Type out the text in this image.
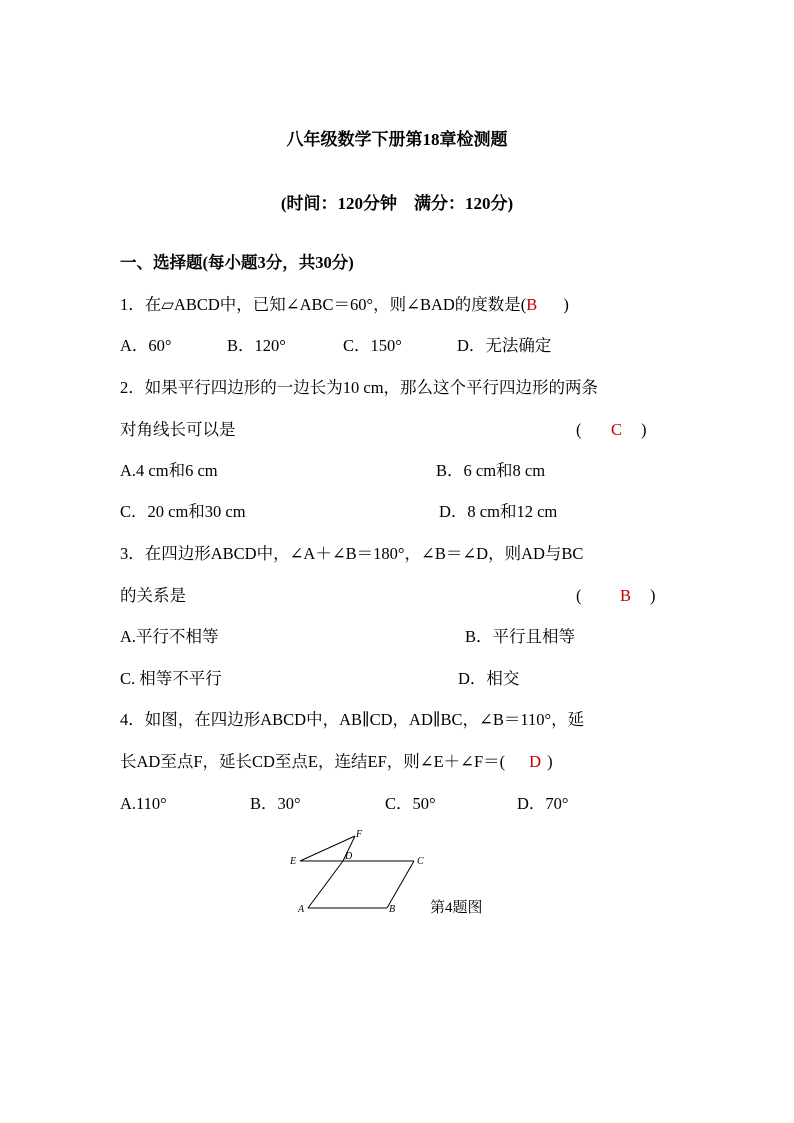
八年级数学下册第18章检测题
(时间：120分钟　满分：120分)
一、选择题(每小题3分，共30分)
1．在▱ABCD中，已知∠ABC＝60°，则∠BAD的度数是(B )
A．60°	B．120°	C．150°	D．无法确定
2．如果平行四边形的一边长为10 cm，那么这个平行四边形的两条
对角线长可以是	( C )
A.4 cm和6 cm	B．6 cm和8 cm
C．20 cm和30 cm	D．8 cm和12 cm
3．在四边形ABCD中，∠A＋∠B＝180°，∠B＝∠D，则AD与BC
的关系是	( B )
A.平行不相等	B．平行且相等
C. 相等不平行	D．相交
4．如图，在四边形ABCD中，AB∥CD，AD∥BC，∠B＝110°，延
长AD至点F，延长CD至点E，连结EF，则∠E＋∠F＝( D )
A.110°	B．30°	C．50°	D．70°
A	B
C
D
E
F
第4题图
